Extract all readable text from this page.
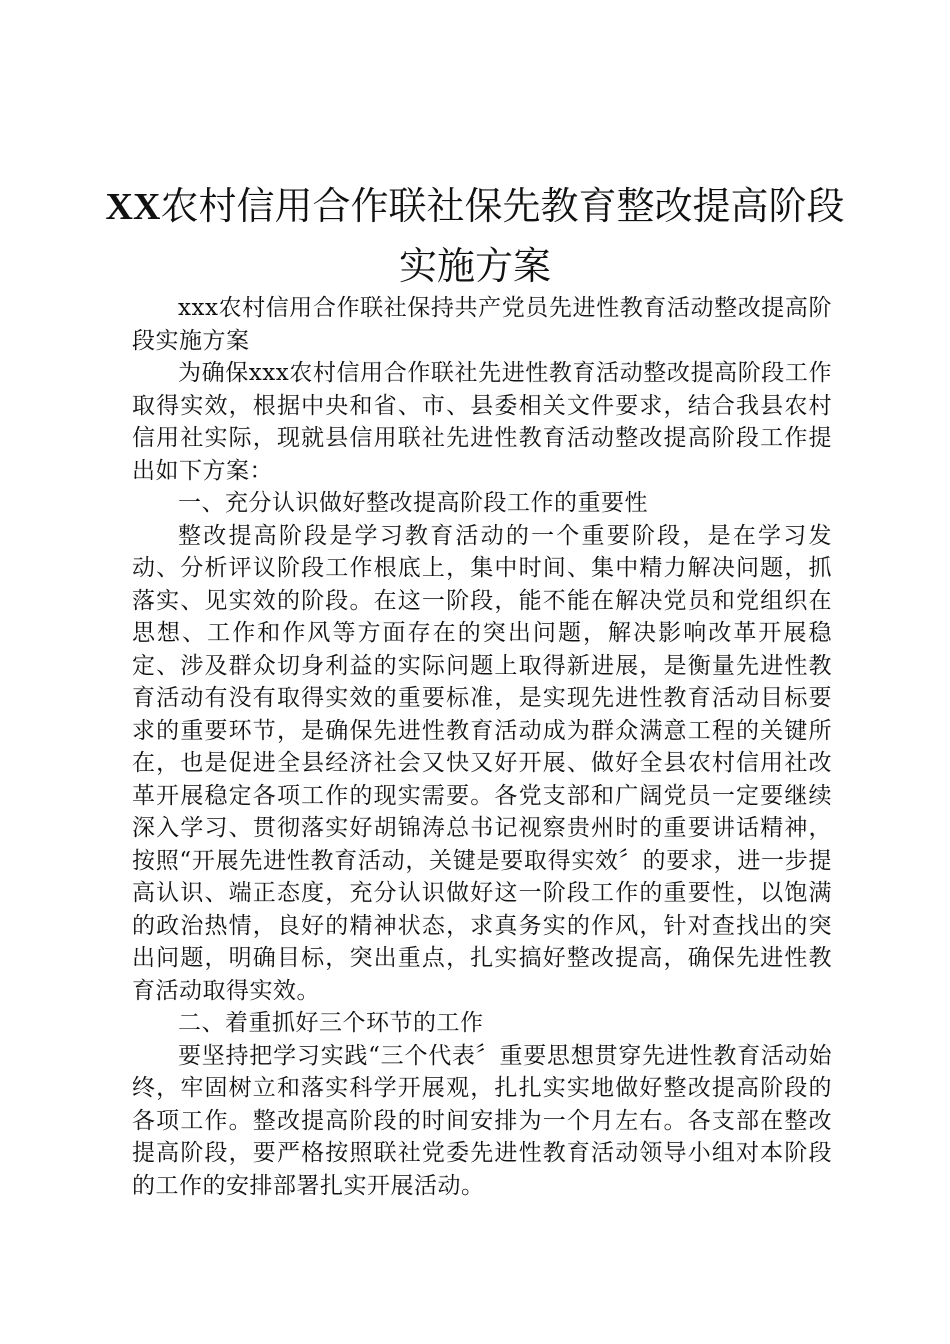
XX农村信用合作联社保先教育整改提高阶段
实施方案

xxx农村信用合作联社保持共产党员先进性教育活动整改提高阶段实施方案

为确保xxx农村信用合作联社先进性教育活动整改提高阶段工作取得实效，根据中央和省、市、县委相关文件要求，结合我县农村信用社实际，现就县信用联社先进性教育活动整改提高阶段工作提出如下方案：

一、充分认识做好整改提高阶段工作的重要性

整改提高阶段是学习教育活动的一个重要阶段，是在学习发动、分析评议阶段工作根底上，集中时间、集中精力解决问题，抓落实、见实效的阶段。在这一阶段，能不能在解决党员和党组织在思想、工作和作风等方面存在的突出问题，解决影响改革开展稳定、涉及群众切身利益的实际问题上取得新进展，是衡量先进性教育活动有没有取得实效的重要标准，是实现先进性教育活动目标要求的重要环节，是确保先进性教育活动成为群众满意工程的关键所在，也是促进全县经济社会又快又好开展、做好全县农村信用社改革开展稳定各项工作的现实需要。各党支部和广阔党员一定要继续深入学习、贯彻落实好胡锦涛总书记视察贵州时的重要讲话精神，按照“开展先进性教育活动，关键是要取得实效〞的要求，进一步提高认识、端正态度，充分认识做好这一阶段工作的重要性，以饱满的政治热情，良好的精神状态，求真务实的作风，针对查找出的突出问题，明确目标，突出重点，扎实搞好整改提高，确保先进性教育活动取得实效。

二、着重抓好三个环节的工作

要坚持把学习实践“三个代表〞重要思想贯穿先进性教育活动始终，牢固树立和落实科学开展观，扎扎实实地做好整改提高阶段的各项工作。整改提高阶段的时间安排为一个月左右。各支部在整改提高阶段，要严格按照联社党委先进性教育活动领导小组对本阶段的工作的安排部署扎实开展活动。
